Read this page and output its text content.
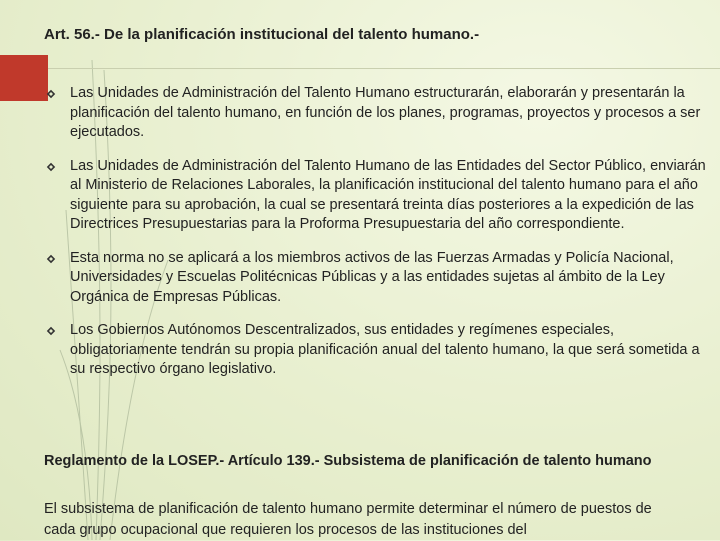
Art. 56.- De la planificación institucional del talento humano.-
Las Unidades de Administración del Talento Humano estructurarán, elaborarán y presentarán la planificación del talento humano, en función de los planes, programas, proyectos y procesos a ser ejecutados.
Las Unidades de Administración del Talento Humano de las Entidades del Sector Público, enviarán al Ministerio de Relaciones Laborales, la planificación institucional del talento humano para el año siguiente para su aprobación, la cual se presentará treinta días posteriores a la expedición de las Directrices Presupuestarias para la Proforma Presupuestaria del año correspondiente.
Esta norma no se aplicará a los miembros activos de las Fuerzas Armadas y Policía Nacional, Universidades y Escuelas Politécnicas Públicas y a las entidades sujetas al ámbito de la Ley Orgánica de Empresas Públicas.
Los Gobiernos Autónomos Descentralizados, sus entidades y regímenes especiales, obligatoriamente tendrán su propia planificación anual del talento humano, la que será sometida a su respectivo órgano legislativo.
Reglamento de la LOSEP.- Artículo 139.- Subsistema de planificación de talento humano

El subsistema de planificación de talento humano permite determinar el número de puestos de cada grupo ocupacional que requieren los procesos de las instituciones del
